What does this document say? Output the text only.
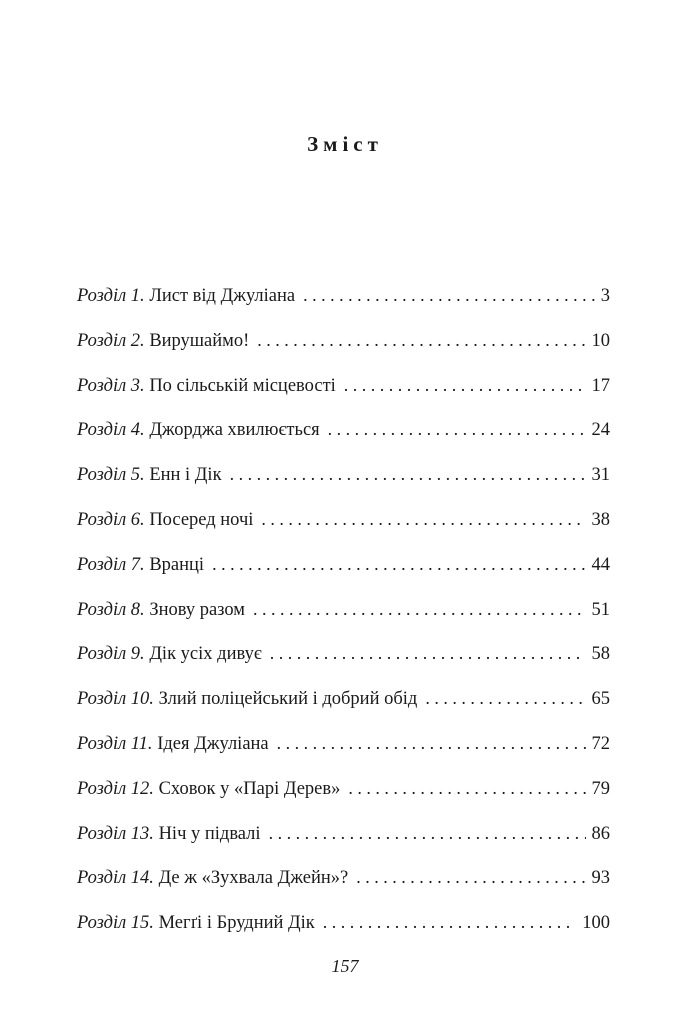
Зміст
Розділ 1. Лист від Джуліана . . .	3
Розділ 2. Вирушаймо! . . .	10
Розділ 3. По сільській місцевості . . .	17
Розділ 4. Джорджа хвилюється . . .	24
Розділ 5. Енн і Дік . . .	31
Розділ 6. Посеред ночі . . .	38
Розділ 7. Вранці . . .	44
Розділ 8. Знову разом . . .	51
Розділ 9. Дік усіх дивує . . .	58
Розділ 10. Злий поліцейський і добрий обід . . .	65
Розділ 11. Ідея Джуліана . . .	72
Розділ 12. Сховок у «Парі Дерев» . . .	79
Розділ 13. Ніч у підвалі . . .	86
Розділ 14. Де ж «Зухвала Джейн»? . . .	93
Розділ 15. Мегґі і Брудний Дік . . .	100
157
